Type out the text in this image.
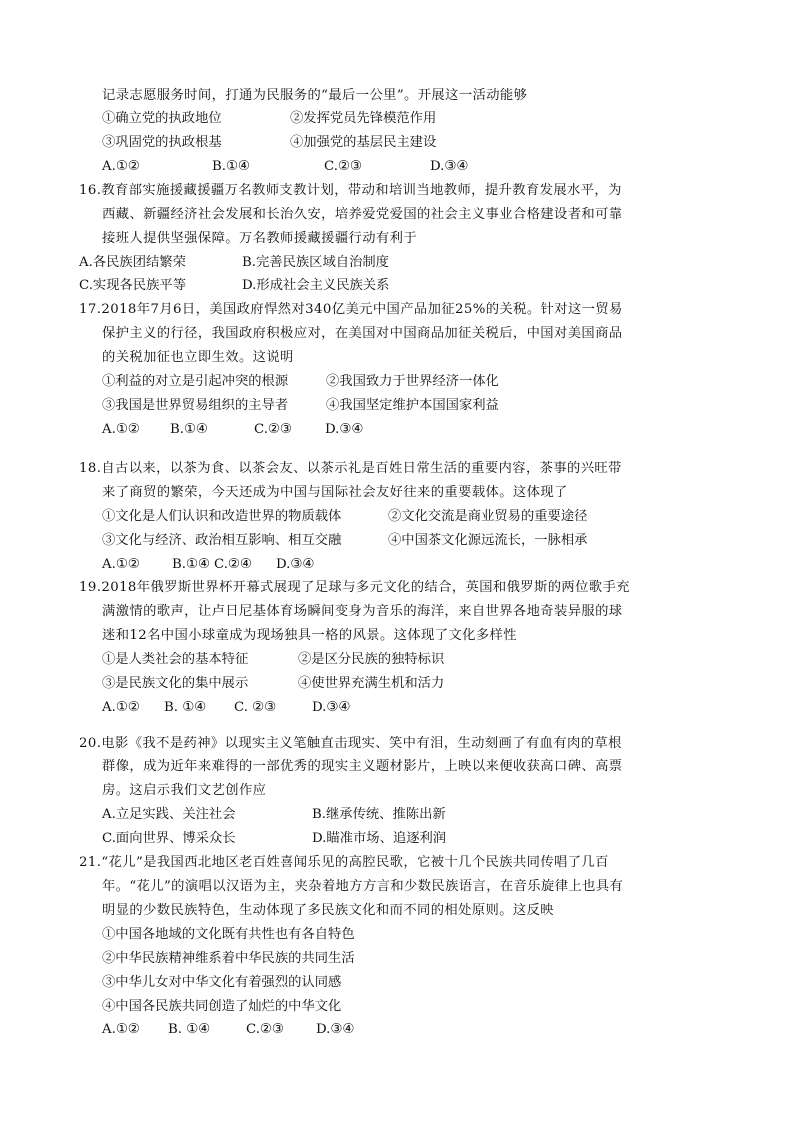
记录志愿服务时间，打通为民服务的“最后一公里”。开展这一活动能够
①确立党的执政地位	②发挥党员先锋模范作用
③巩固党的执政根基	④加强党的基层民主建设
A.①②	B.①④	C.②③	D.③④
16.教育部实施援藏援疆万名教师支教计划，带动和培训当地教师，提升教育发展水平，为
西藏、新疆经济社会发展和长治久安，培养爱党爱国的社会主义事业合格建设者和可靠
接班人提供坚强保障。万名教师援藏援疆行动有利于
A.各民族团结繁荣	B.完善民族区域自治制度
C.实现各民族平等	D.形成社会主义民族关系
17.2018年7月6日，美国政府悍然对340亿美元中国产品加征25%的关税。针对这一贸易
保护主义的行径，我国政府积极应对，在美国对中国商品加征关税后，中国对美国商品
的关税加征也立即生效。这说明
①利益的对立是引起冲突的根源	②我国致力于世界经济一体化
③我国是世界贸易组织的主导者	④我国坚定维护本国国家利益
A.①② B.①④	C.②③ D.③④
18.自古以来，以茶为食、以茶会友、以茶示礼是百姓日常生活的重要内容，茶事的兴旺带
来了商贸的繁荣，今天还成为中国与国际社会友好往来的重要载体。这体现了
①文化是人们认识和改造世界的物质载体	②文化交流是商业贸易的重要途径
③文化与经济、政治相互影响、相互交融	④中国茶文化源远流长，一脉相承
A.①② B.①④ C.②④ D.③④
19.2018年俄罗斯世界杯开幕式展现了足球与多元文化的结合，英国和俄罗斯的两位歌手充
满激情的歌声，让卢日尼基体育场瞬间变身为音乐的海洋，来自世界各地奇装异服的球
迷和12名中国小球童成为现场独具一格的风景。这体现了文化多样性
①是人类社会的基本特征	②是区分民族的独特标识
③是民族文化的集中展示	④使世界充满生机和活力
A.①② B. ①④ C. ②③	D.③④
20.电影《我不是药神》以现实主义笔触直击现实、笑中有泪，生动刻画了有血有肉的草根
群像，成为近年来难得的一部优秀的现实主义题材影片，上映以来便收获高口碑、高票
房。这启示我们文艺创作应
A.立足实践、关注社会	B.继承传统、推陈出新
C.面向世界、博采众长	D.瞄准市场、追逐利润
21.“花儿”是我国西北地区老百姓喜闻乐见的高腔民歌，它被十几个民族共同传唱了几百
年。“花儿”的演唱以汉语为主，夹杂着地方方言和少数民族语言，在音乐旋律上也具有
明显的少数民族特色，生动体现了多民族文化和而不同的相处原则。这反映
①中国各地域的文化既有共性也有各自特色
②中华民族精神维系着中华民族的共同生活
③中华儿女对中华文化有着强烈的认同感
④中国各民族共同创造了灿烂的中华文化
A.①② B. ①④	C.②③ D.③④
